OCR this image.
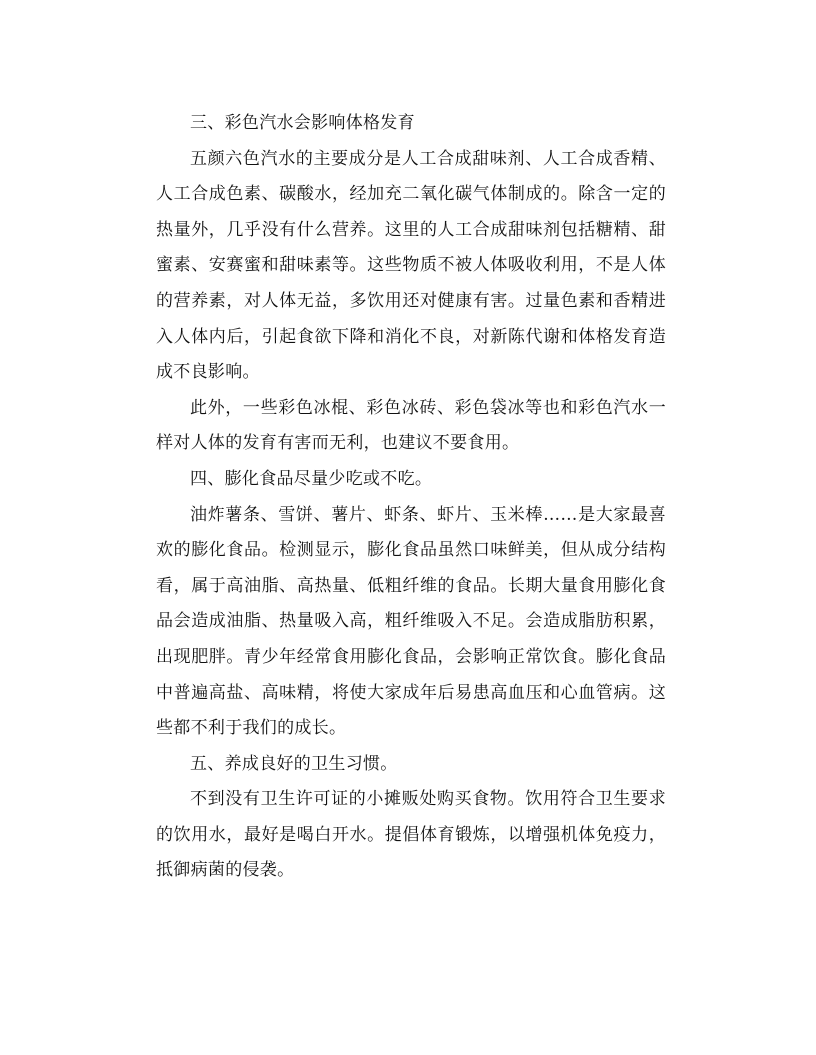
三、彩色汽水会影响体格发育

五颜六色汽水的主要成分是人工合成甜味剂、人工合成香精、人工合成色素、碳酸水，经加充二氧化碳气体制成的。除含一定的热量外，几乎没有什么营养。这里的人工合成甜味剂包括糖精、甜蜜素、安赛蜜和甜味素等。这些物质不被人体吸收利用，不是人体的营养素，对人体无益，多饮用还对健康有害。过量色素和香精进入人体内后，引起食欲下降和消化不良，对新陈代谢和体格发育造成不良影响。

此外，一些彩色冰棍、彩色冰砖、彩色袋冰等也和彩色汽水一样对人体的发育有害而无利，也建议不要食用。

四、膨化食品尽量少吃或不吃。

油炸薯条、雪饼、薯片、虾条、虾片、玉米棒……是大家最喜欢的膨化食品。检测显示，膨化食品虽然口味鲜美，但从成分结构看，属于高油脂、高热量、低粗纤维的食品。长期大量食用膨化食品会造成油脂、热量吸入高，粗纤维吸入不足。会造成脂肪积累，出现肥胖。青少年经常食用膨化食品，会影响正常饮食。膨化食品中普遍高盐、高味精，将使大家成年后易患高血压和心血管病。这些都不利于我们的成长。

五、养成良好的卫生习惯。

不到没有卫生许可证的小摊贩处购买食物。饮用符合卫生要求的饮用水，最好是喝白开水。提倡体育锻炼，以增强机体免疫力，抵御病菌的侵袭。
